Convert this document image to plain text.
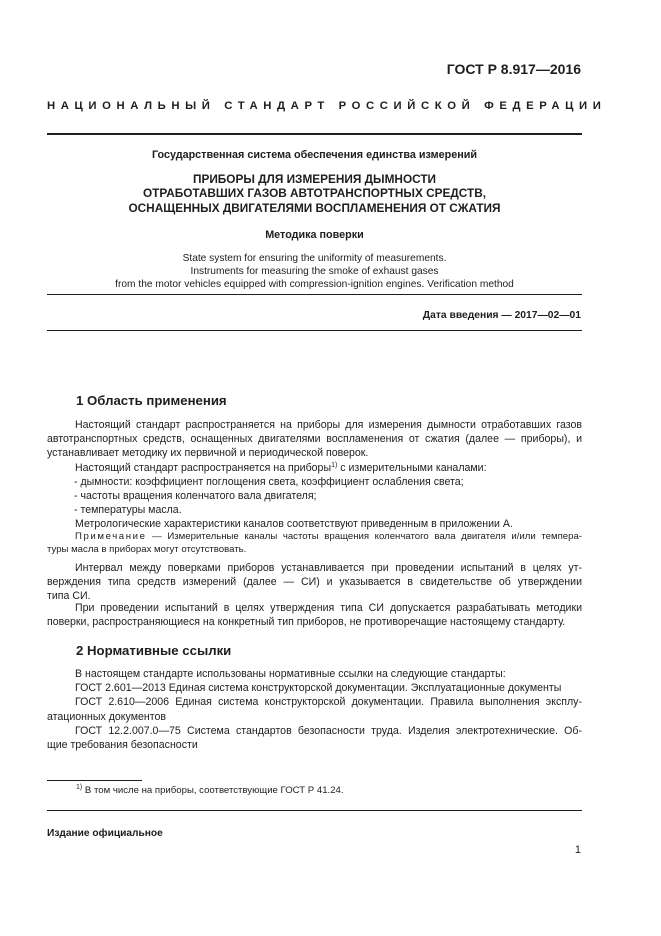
ГОСТ Р 8.917—2016
НАЦИОНАЛЬНЫЙ СТАНДАРТ РОССИЙСКОЙ ФЕДЕРАЦИИ
Государственная система обеспечения единства измерений
ПРИБОРЫ ДЛЯ ИЗМЕРЕНИЯ ДЫМНОСТИ
ОТРАБОТАВШИХ ГАЗОВ АВТОТРАНСПОРТНЫХ СРЕДСТВ,
ОСНАЩЕННЫХ ДВИГАТЕЛЯМИ ВОСПЛАМЕНЕНИЯ ОТ СЖАТИЯ
Методика поверки
State system for ensuring the uniformity of measurements.
Instruments for measuring the smoke of exhaust gases
from the motor vehicles equipped with compression-ignition engines. Verification method
Дата введения — 2017—02—01
1 Область применения
Настоящий стандарт распространяется на приборы для измерения дымности отработавших газов
автотранспортных средств, оснащенных двигателями воспламенения от сжатия (далее — приборы), и
устанавливает методику их первичной и периодической поверок.
Настоящий стандарт распространяется на приборы$^{1)}$ с измерительными каналами:
- дымности: коэффициент поглощения света, коэффициент ослабления света;
- частоты вращения коленчатого вала двигателя;
- температуры масла.
Метрологические характеристики каналов соответствуют приведенным в приложении А.
Примечание — Измерительные каналы частоты вращения коленчатого вала двигателя и/или темпера-
туры масла в приборах могут отсутствовать.
Интервал между поверками приборов устанавливается при проведении испытаний в целях ут-
верждения типа средств измерений (далее — СИ) и указывается в свидетельстве об утверждении
типа СИ.
При проведении испытаний в целях утверждения типа СИ допускается разрабатывать методики
поверки, распространяющиеся на конкретный тип приборов, не противоречащие настоящему стандарту.
2 Нормативные ссылки
В настоящем стандарте использованы нормативные ссылки на следующие стандарты:
ГОСТ 2.601—2013 Единая система конструкторской документации. Эксплуатационные документы
ГОСТ 2.610—2006 Единая система конструкторской документации. Правила выполнения эксплу-
атационных документов
ГОСТ 12.2.007.0—75 Система стандартов безопасности труда. Изделия электротехнические. Об-
щие требования безопасности
$^{1)}$ В том числе на приборы, соответствующие ГОСТ Р 41.24.
Издание официальное
1
